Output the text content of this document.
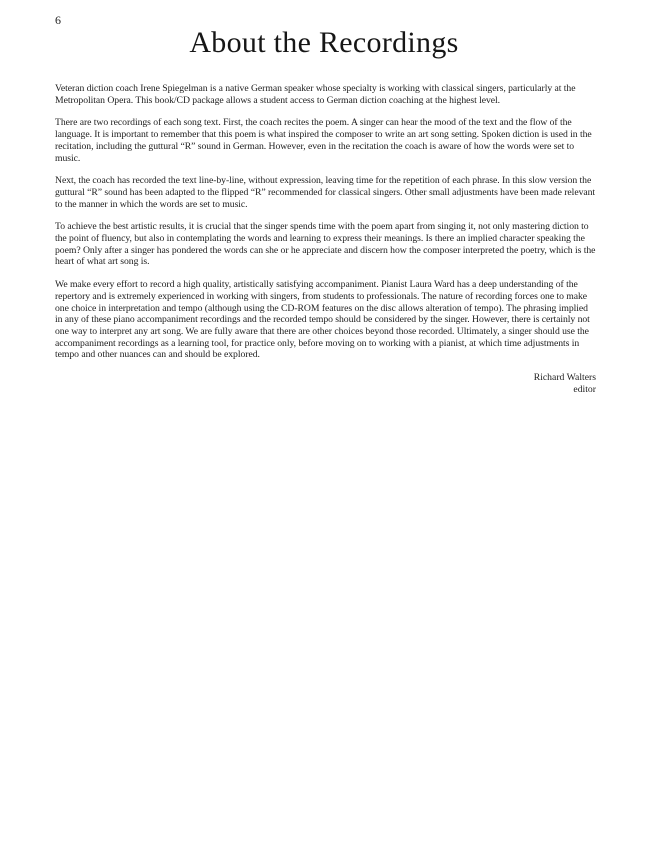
6
About the Recordings

Veteran diction coach Irene Spiegelman is a native German speaker whose specialty is working with classical singers, particularly at the Metropolitan Opera. This book/CD package allows a student access to German diction coaching at the highest level.

There are two recordings of each song text. First, the coach recites the poem. A singer can hear the mood of the text and the flow of the language. It is important to remember that this poem is what inspired the composer to write an art song setting. Spoken diction is used in the recitation, including the guttural “R” sound in German. However, even in the recitation the coach is aware of how the words were set to music.

Next, the coach has recorded the text line-by-line, without expression, leaving time for the repetition of each phrase. In this slow version the guttural “R” sound has been adapted to the flipped “R” recommended for classical singers. Other small adjustments have been made relevant to the manner in which the words are set to music.

To achieve the best artistic results, it is crucial that the singer spends time with the poem apart from singing it, not only mastering diction to the point of fluency, but also in contemplating the words and learning to express their meanings. Is there an implied character speaking the poem? Only after a singer has pondered the words can she or he appreciate and discern how the composer interpreted the poetry, which is the heart of what art song is.

We make every effort to record a high quality, artistically satisfying accompaniment. Pianist Laura Ward has a deep understanding of the repertory and is extremely experienced in working with singers, from students to professionals. The nature of recording forces one to make one choice in interpretation and tempo (although using the CD-ROM features on the disc allows alteration of tempo). The phrasing implied in any of these piano accompaniment recordings and the recorded tempo should be considered by the singer. However, there is certainly not one way to interpret any art song. We are fully aware that there are other choices beyond those recorded. Ultimately, a singer should use the accompaniment recordings as a learning tool, for practice only, before moving on to working with a pianist, at which time adjustments in tempo and other nuances can and should be explored.

Richard Walters
editor
